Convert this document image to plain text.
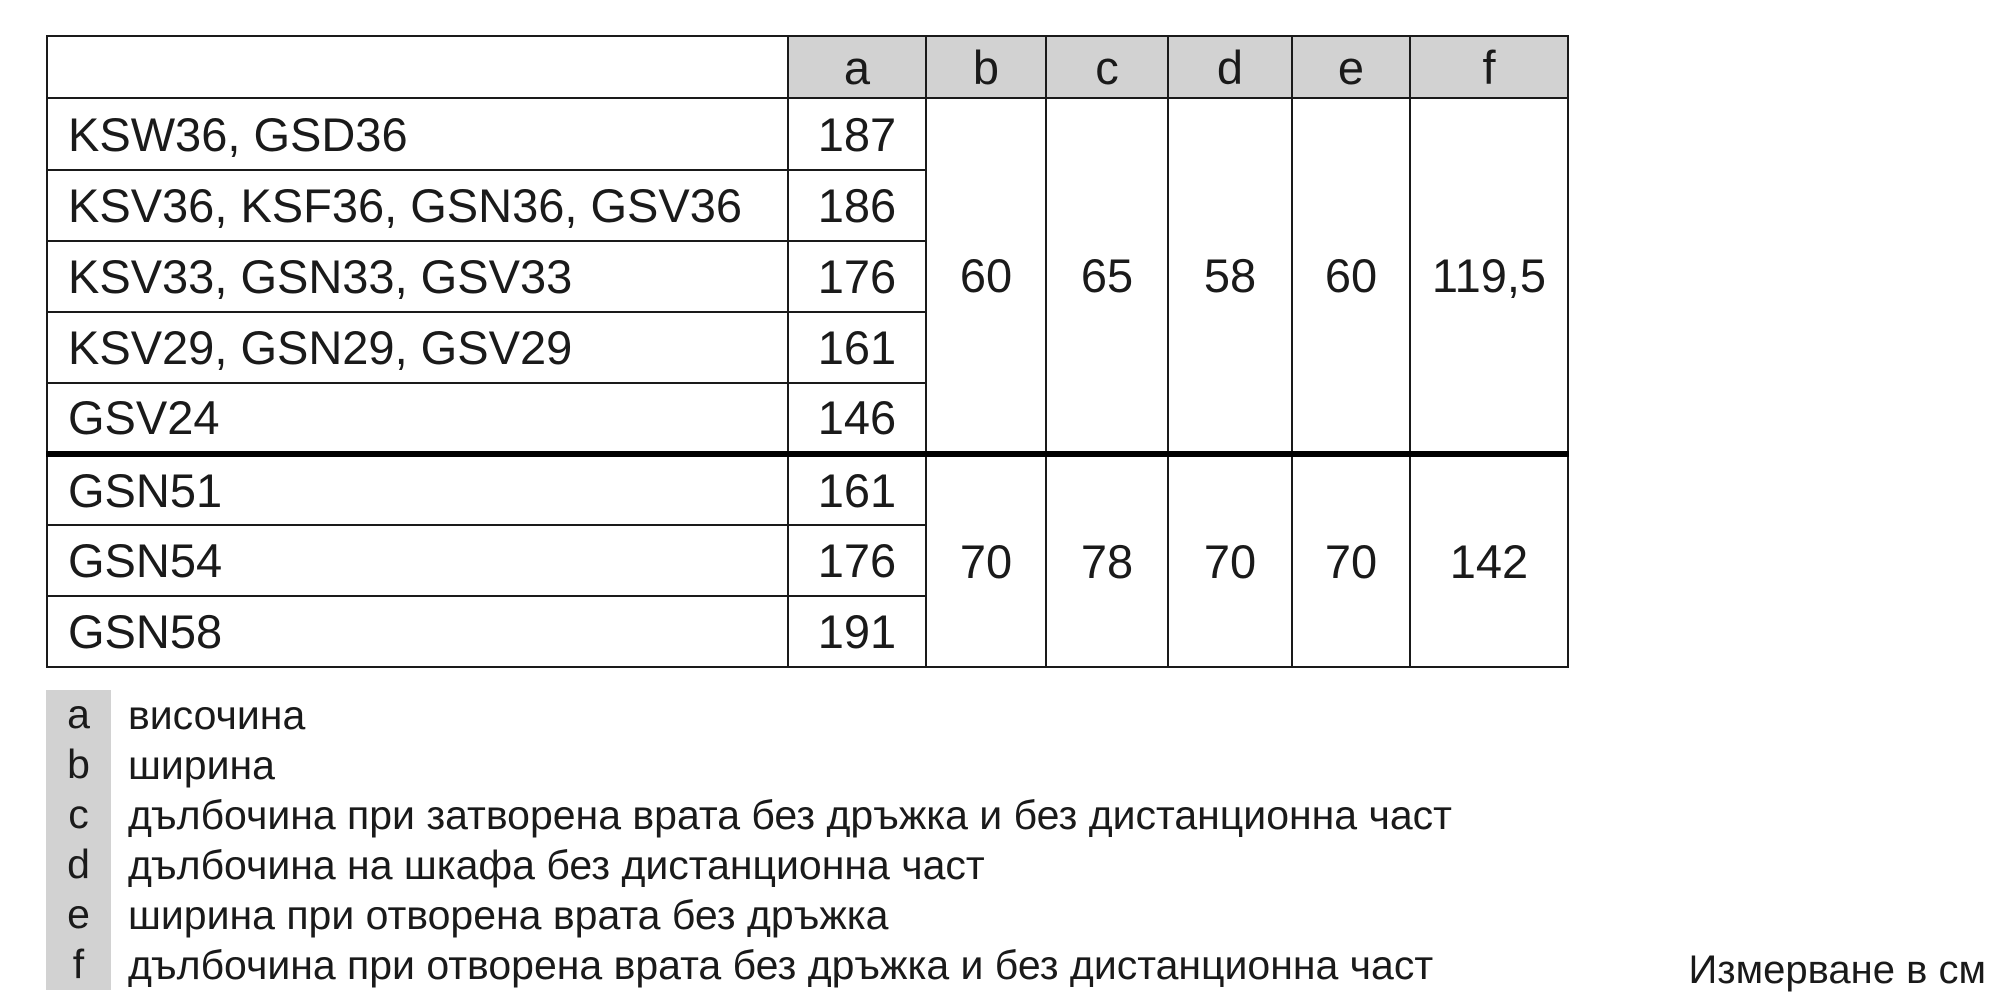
	a	b	c	d	e	f
KSW36, GSD36	187	60	65	58	60	119,5
KSV36, KSF36, GSN36, GSV36	186					
KSV33, GSN33, GSV33	176					
KSV29, GSN29, GSV29	161					
GSV24	146					
GSN51	161	70	78	70	70	142
GSN54	176					
GSN58	191					
a височина
b ширина
c дълбочина при затворена врата без дръжка и без дистанционна част
d дълбочина на шкафа без дистанционна част
e ширина при отворена врата без дръжка
f	дълбочина при отворена врата без дръжка и без дистанционна част	Измерване в см
